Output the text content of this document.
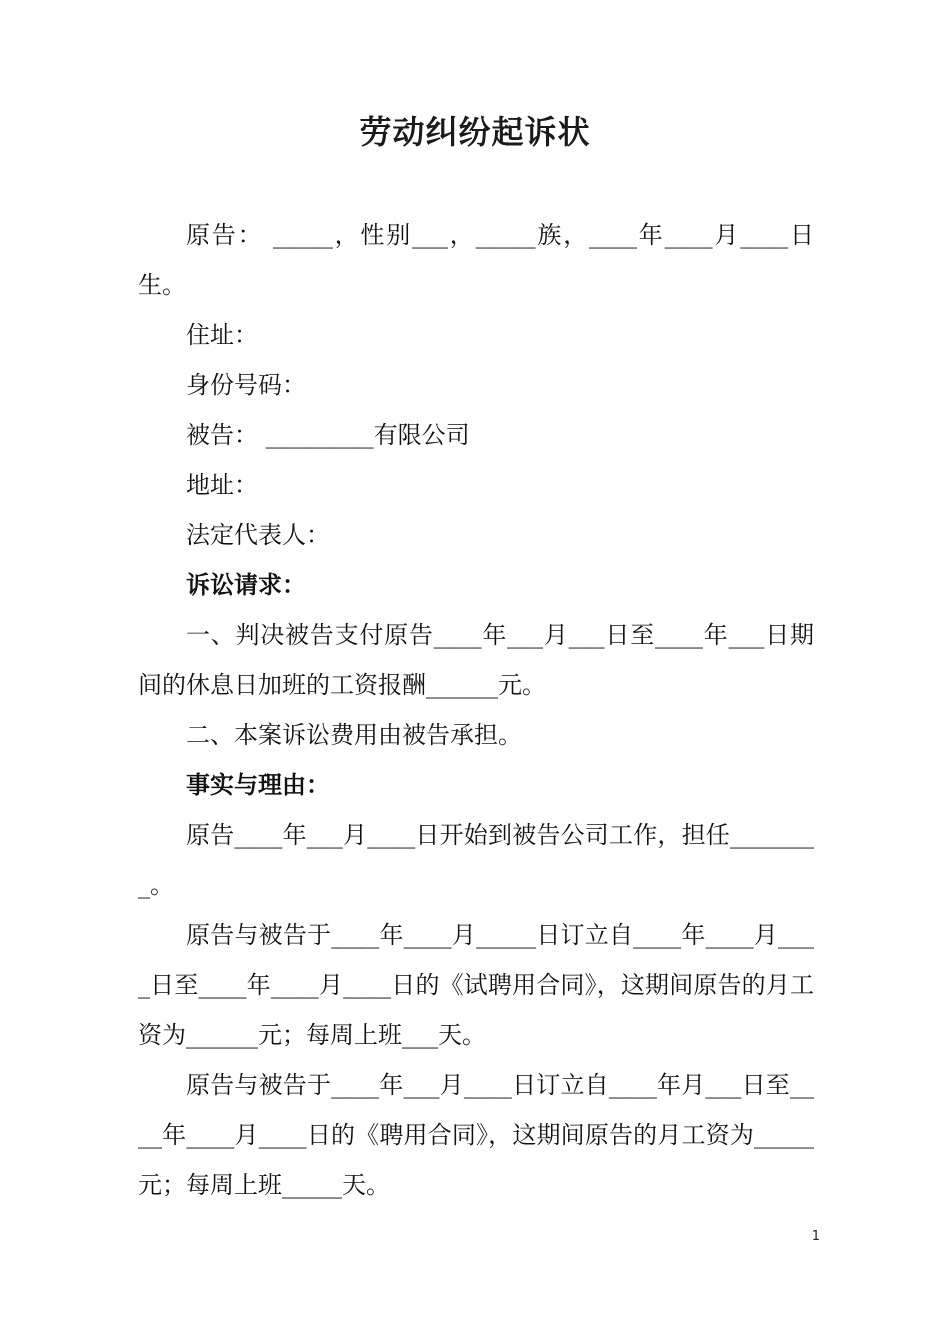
劳动纠纷起诉状

原告： _____，性别___，_____族，____年____月____日生。

住址：

身份号码：

被告： _________有限公司

地址：

法定代表人：

诉讼请求：

一、判决被告支付原告____年___月___日至____年___日期间的休息日加班的工资报酬______元。

二、本案诉讼费用由被告承担。

事实与理由：

原告____年___月____日开始到被告公司工作，担任________。

原告与被告于____年____月_____日订立自____年____月____日至____年____月____日的《试聘用合同》，这期间原告的月工资为______元；每周上班___天。

原告与被告于____年___月____日订立自____年月___日至____年____月____日的《聘用合同》，这期间原告的月工资为_____元；每周上班_____天。

1
